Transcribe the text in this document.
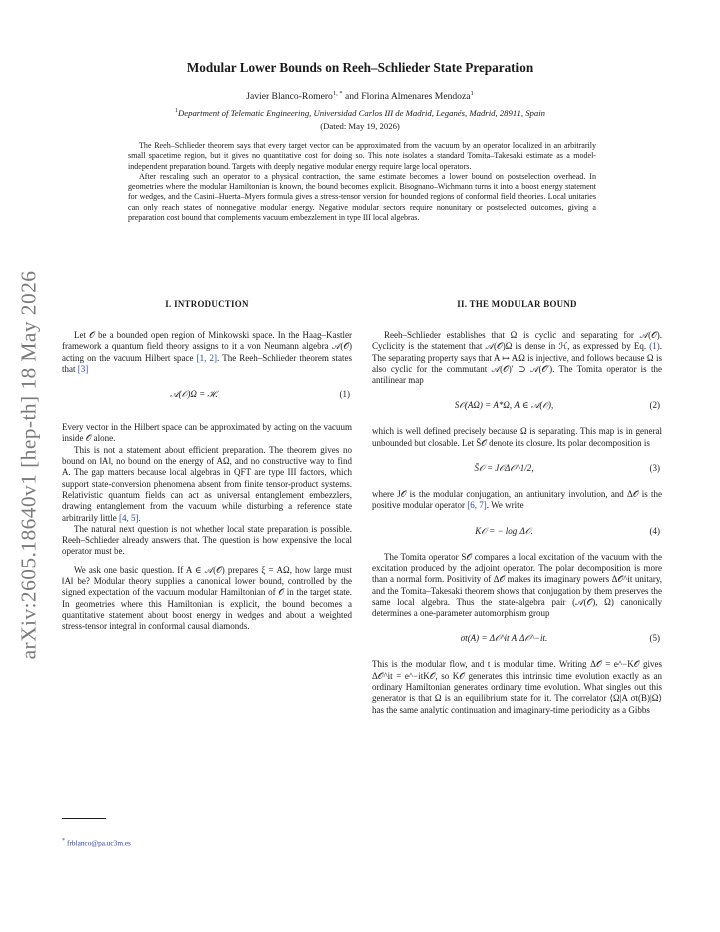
arXiv:2605.18640v1 [hep-th] 18 May 2026
Modular Lower Bounds on Reeh–Schlieder State Preparation
Javier Blanco-Romero$^{1, *}$ and Florina Almenares Mendoza$^1$
$^1$Department of Telematic Engineering, Universidad Carlos III de Madrid, Leganés, Madrid, 28911, Spain
(Dated: May 19, 2026)

The Reeh–Schlieder theorem says that every target vector can be approximated from the vacuum by an operator localized in an arbitrarily small spacetime region, but it gives no quantitative cost for doing so. This note isolates a standard Tomita–Takesaki estimate as a model-independent preparation bound. Targets with deeply negative modular energy require large local operators.

After rescaling such an operator to a physical contraction, the same estimate becomes a lower bound on postselection overhead. In geometries where the modular Hamiltonian is known, the bound becomes explicit. Bisognano–Wichmann turns it into a boost energy statement for wedges, and the Casini–Huerta–Myers formula gives a stress-tensor version for bounded regions of conformal field theories. Local unitaries can only reach states of nonnegative modular energy. Negative modular sectors require nonunitary or postselected outcomes, giving a preparation cost bound that complements vacuum embezzlement in type III local algebras.

I. INTRODUCTION

Let 𝒪 be a bounded open region of Minkowski space. In the Haag–Kastler framework a quantum field theory assigns to it a von Neumann algebra 𝒜(𝒪) acting on the vacuum Hilbert space [1, 2]. The Reeh–Schlieder theorem states that [3]

𝒜(𝒪)Ω = ℋ.	(1)

Every vector in the Hilbert space can be approximated by acting on the vacuum inside 𝒪 alone.

This is not a statement about efficient preparation. The theorem gives no bound on ‖A‖, no bound on the energy of AΩ, and no constructive way to find A. The gap matters because local algebras in QFT are type III factors, which support state-conversion phenomena absent from finite tensor-product systems. Relativistic quantum fields can act as universal entanglement embezzlers, drawing entanglement from the vacuum while disturbing a reference state arbitrarily little [4, 5].

The natural next question is not whether local state preparation is possible. Reeh–Schlieder already answers that. The question is how expensive the local operator must be.

We ask one basic question. If A ∈ 𝒜(𝒪) prepares ξ = AΩ, how large must ‖A‖ be? Modular theory supplies a canonical lower bound, controlled by the signed expectation of the vacuum modular Hamiltonian of 𝒪 in the target state. In geometries where this Hamiltonian is explicit, the bound becomes a quantitative statement about boost energy in wedges and about a weighted stress-tensor integral in conformal causal diamonds.

II. THE MODULAR BOUND

Reeh–Schlieder establishes that Ω is cyclic and separating for 𝒜(𝒪). Cyclicity is the statement that 𝒜(𝒪)Ω is dense in ℋ, as expressed by Eq. (1). The separating property says that A ↦ AΩ is injective, and follows because Ω is also cyclic for the commutant 𝒜(𝒪)′ ⊃ 𝒜(𝒪′). The Tomita operator is the antilinear map

S𝒪(AΩ) = A*Ω, A ∈ 𝒜(𝒪),	(2)

which is well defined precisely because Ω is separating. This map is in general unbounded but closable. Let S̄𝒪 denote its closure. Its polar decomposition is

S̄𝒪 = J𝒪Δ𝒪^1/2,	(3)

where J𝒪 is the modular conjugation, an antiunitary involution, and Δ𝒪 is the positive modular operator [6, 7]. We write

K𝒪 = − log Δ𝒪.	(4)

The Tomita operator S𝒪 compares a local excitation of the vacuum with the excitation produced by the adjoint operator. The polar decomposition is more than a normal form. Positivity of Δ𝒪 makes its imaginary powers Δ𝒪^it unitary, and the Tomita–Takesaki theorem shows that conjugation by them preserves the same local algebra. Thus the state-algebra pair (𝒜(𝒪), Ω) canonically determines a one-parameter automorphism group

σt(A) = Δ𝒪^it A Δ𝒪^−it.	(5)

This is the modular flow, and t is modular time. Writing Δ𝒪 = e^−K𝒪 gives Δ𝒪^it = e^−itK𝒪, so K𝒪 generates this intrinsic time evolution exactly as an ordinary Hamiltonian generates ordinary time evolution. What singles out this generator is that Ω is an equilibrium state for it. The correlator ⟨Ω|A σt(B)|Ω⟩ has the same analytic continuation and imaginary-time periodicity as a Gibbs

* frblanco@pa.uc3m.es
